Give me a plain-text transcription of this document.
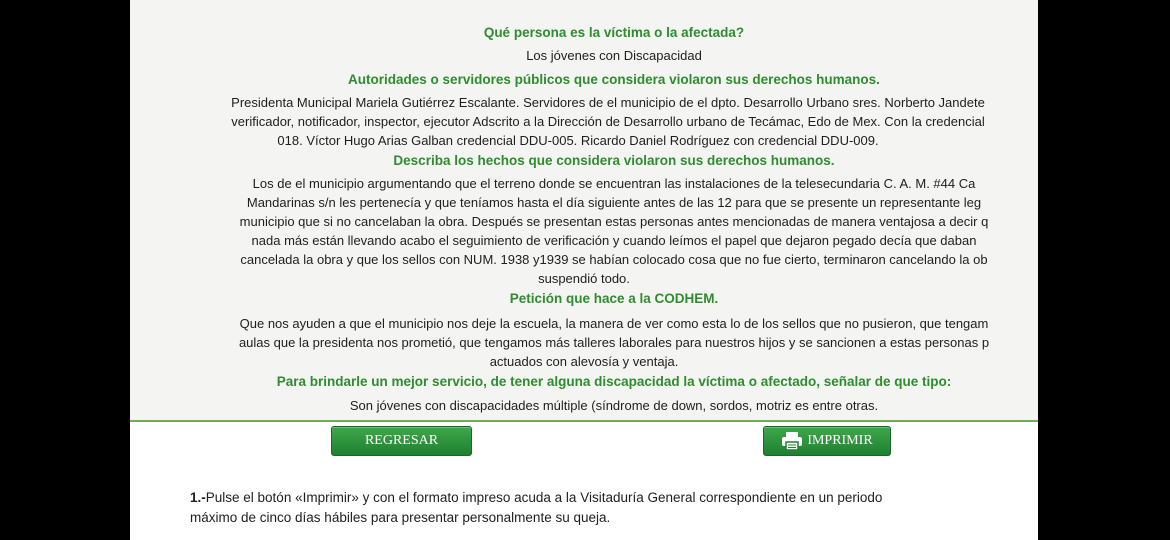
Qué persona es la víctima o la afectada?
Los jóvenes con Discapacidad
Autoridades o servidores públicos que considera violaron sus derechos humanos.
Presidenta Municipal Mariela Gutiérrez Escalante. Servidores de el municipio de el dpto. Desarrollo Urbano sres. Norberto Jandete
verificador, notificador, inspector, ejecutor Adscrito a la Dirección de Desarrollo urbano de Tecámac, Edo de Mex. Con la credencial
018. Víctor Hugo Arias Galban credencial DDU-005. Ricardo Daniel Rodríguez con credencial DDU-009.
Describa los hechos que considera violaron sus derechos humanos.
Los de el municipio argumentando que el terreno donde se encuentran las instalaciones de la telesecundaria C. A. M. #44 Ca
Mandarinas s/n les pertenecía y que teníamos hasta el día siguiente antes de las 12 para que se presente un representante leg
municipio que si no cancelaban la obra. Después se presentan estas personas antes mencionadas de manera ventajosa a decir q
nada más están llevando acabo el seguimiento de verificación y cuando leímos el papel que dejaron pegado decía que daban
cancelada la obra y que los sellos con NUM. 1938 y1939 se habían colocado cosa que no fue cierto, terminaron cancelando la ob
suspendió todo.
Petición que hace a la CODHEM.
Que nos ayuden a que el municipio nos deje la escuela, la manera de ver como esta lo de los sellos que no pusieron, que tengam
aulas que la presidenta nos prometió, que tengamos más talleres laborales para nuestros hijos y se sancionen a estas personas p
actuados con alevosía y ventaja.
Para brindarle un mejor servicio, de tener alguna discapacidad la víctima o afectado, señalar de que tipo:
Son jóvenes con discapacidades múltiple (síndrome de down, sordos, motriz es entre otras.
REGRESAR	IMPRIMIR
1.-Pulse el botón «Imprimir» y con el formato impreso acuda a la Visitaduría General correspondiente en un periodo
máximo de cinco días hábiles para presentar personalmente su queja.
